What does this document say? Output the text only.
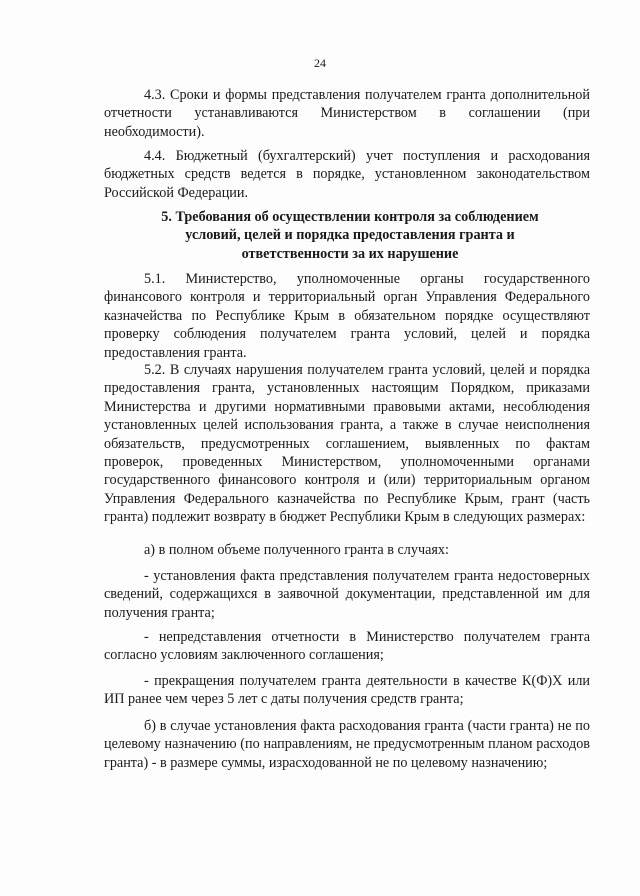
24

4.3. Сроки и формы представления получателем гранта дополнительной отчетности устанавливаются Министерством в соглашении (при необходимости).

4.4. Бюджетный (бухгалтерский) учет поступления и расходования бюджетных средств ведется в порядке, установленном законодательством Российской Федерации.

5. Требования об осуществлении контроля за соблюдением условий, целей и порядка предоставления гранта и ответственности за их нарушение

5.1. Министерство, уполномоченные органы государственного финансового контроля и территориальный орган Управления Федерального казначейства по Республике Крым в обязательном порядке осуществляют проверку соблюдения получателем гранта условий, целей и порядка предоставления гранта.

5.2. В случаях нарушения получателем гранта условий, целей и порядка предоставления гранта, установленных настоящим Порядком, приказами Министерства и другими нормативными правовыми актами, несоблюдения установленных целей использования гранта, а также в случае неисполнения обязательств, предусмотренных соглашением, выявленных по фактам проверок, проведенных Министерством, уполномоченными органами государственного финансового контроля и (или) территориальным органом Управления Федерального казначейства по Республике Крым, грант (часть гранта) подлежит возврату в бюджет Республики Крым в следующих размерах:

а) в полном объеме полученного гранта в случаях:

- установления факта представления получателем гранта недостоверных сведений, содержащихся в заявочной документации, представленной им для получения гранта;

- непредставления отчетности в Министерство получателем гранта согласно условиям заключенного соглашения;

- прекращения получателем гранта деятельности в качестве К(Ф)Х или ИП ранее чем через 5 лет с даты получения средств гранта;

б) в случае установления факта расходования гранта (части гранта) не по целевому назначению (по направлениям, не предусмотренным планом расходов гранта) - в размере суммы, израсходованной не по целевому назначению;
